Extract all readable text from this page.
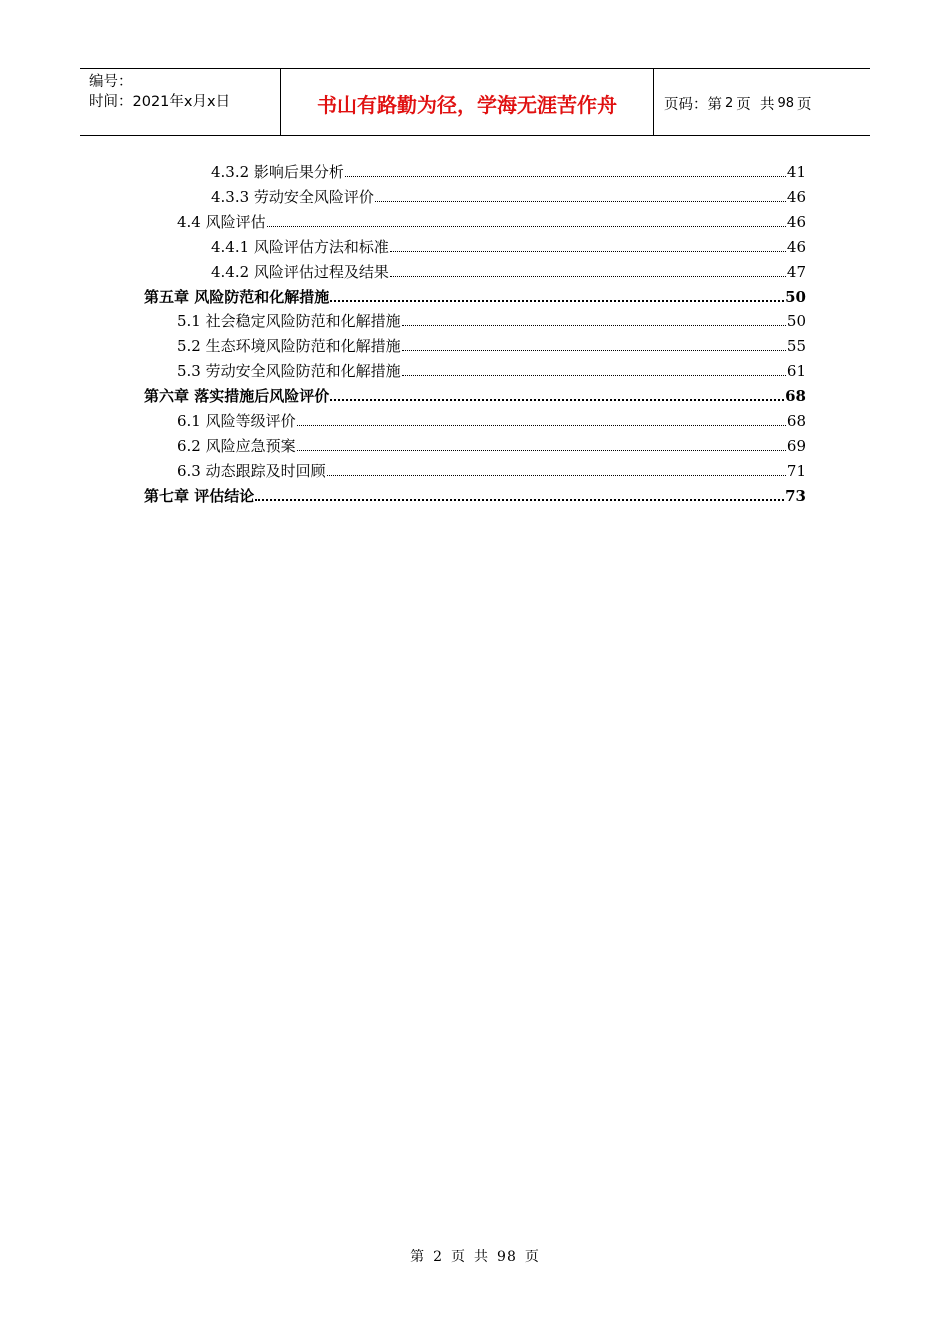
编号：
时间：2021年x月x日	书山有路勤为径，学海无涯苦作舟	页码：第 2 页  共 98 页
4.3.2 影响后果分析	41
4.3.3 劳动安全风险评价	46
4.4 风险评估	46
4.4.1 风险评估方法和标准	46
4.4.2 风险评估过程及结果	47
第五章 风险防范和化解措施	50
5.1 社会稳定风险防范和化解措施	50
5.2 生态环境风险防范和化解措施	55
5.3 劳动安全风险防范和化解措施	61
第六章 落实措施后风险评价	68
6.1 风险等级评价	68
6.2 风险应急预案	69
6.3 动态跟踪及时回顾	71
第七章 评估结论	73
第 2 页 共 98 页
